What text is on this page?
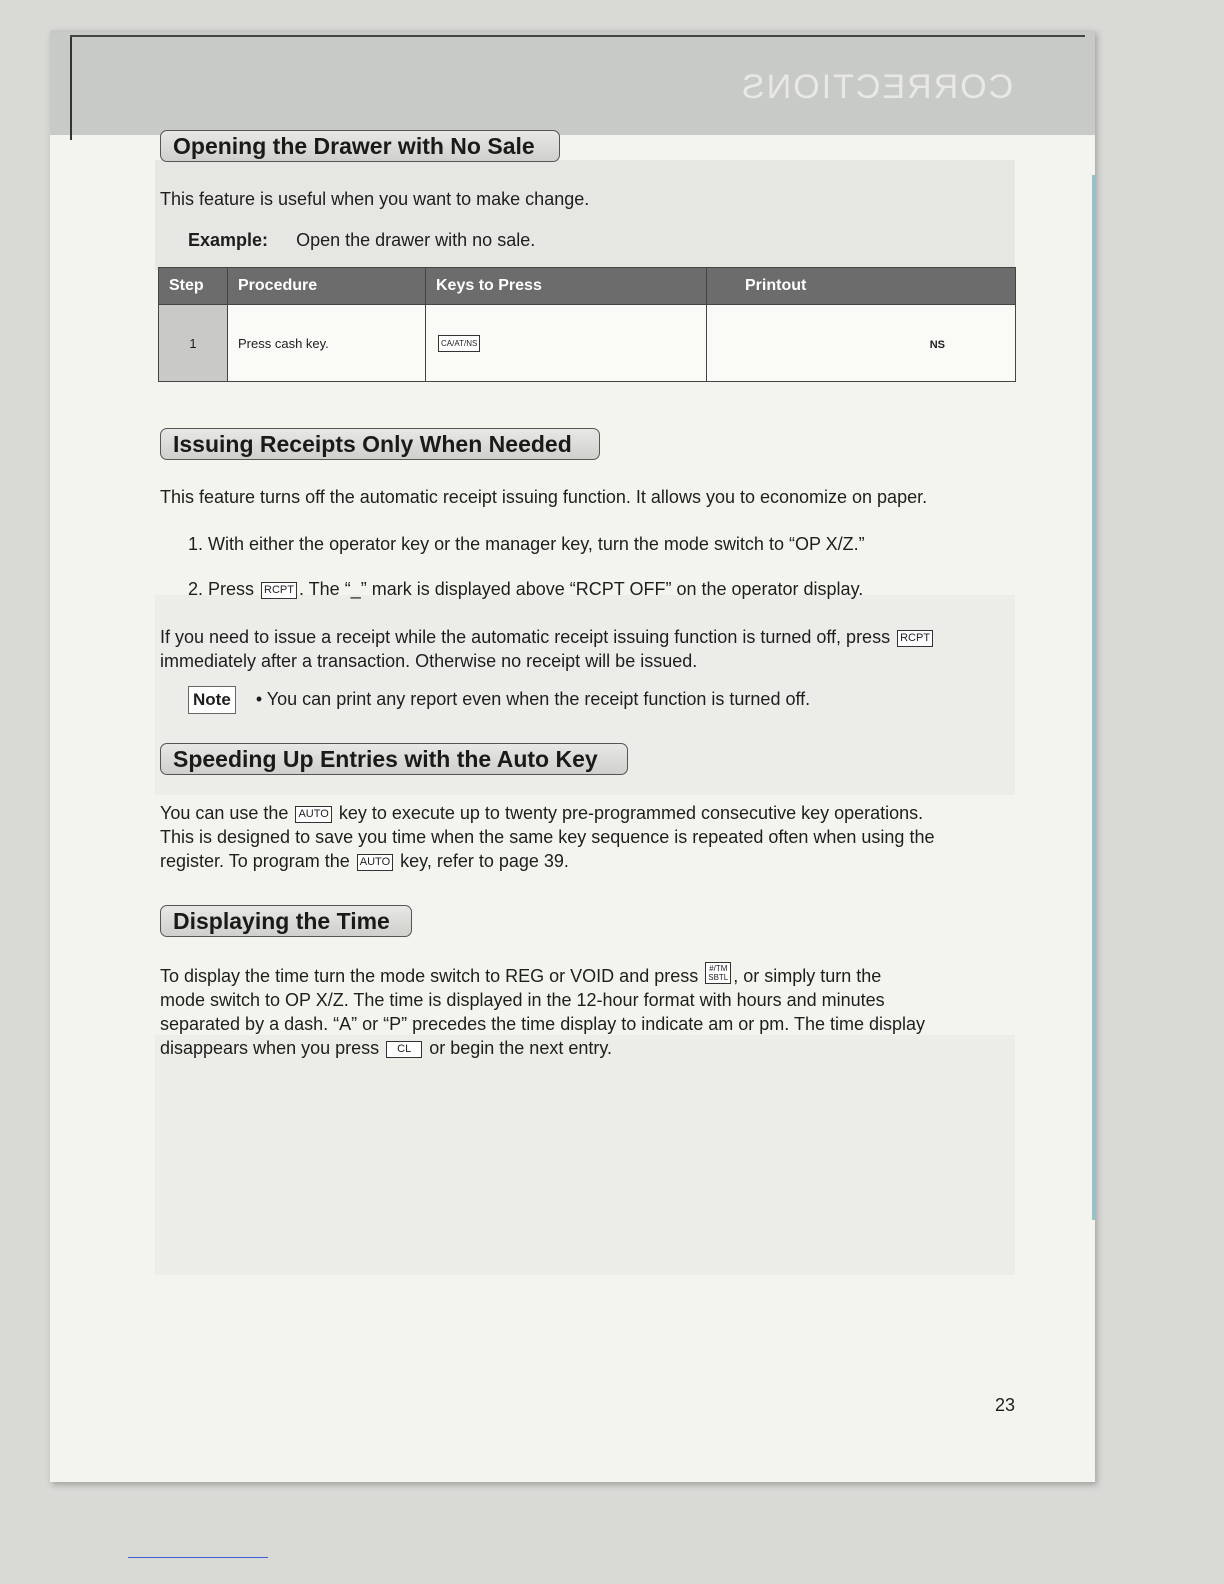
CORRECTIONS
Opening the Drawer with No Sale
This feature is useful when you want to make change.
Example: Open the drawer with no sale.
Step	Procedure	Keys to Press	Printout
1	Press cash key.	CA/AT/NS	NS
Issuing Receipts Only When Needed
This feature turns off the automatic receipt issuing function. It allows you to economize on paper.
1. With either the operator key or the manager key, turn the mode switch to “OP X/Z.”
2. Press RCPT . The “_” mark is displayed above “RCPT OFF” on the operator display.
If you need to issue a receipt while the automatic receipt issuing function is turned off, press RCPT
immediately after a transaction. Otherwise no receipt will be issued.
Note • You can print any report even when the receipt function is turned off.
Speeding Up Entries with the Auto Key
You can use the AUTO key to execute up to twenty pre-programmed consecutive key operations.
This is designed to save you time when the same key sequence is repeated often when using the
register. To program the AUTO key, refer to page 39.
Displaying the Time
To display the time turn the mode switch to REG or VOID and press #/TM
SBTL , or simply turn the
mode switch to OP X/Z. The time is displayed in the 12-hour format with hours and minutes
separated by a dash. “A” or “P” precedes the time display to indicate am or pm. The time display
disappears when you press CL or begin the next entry.
23
